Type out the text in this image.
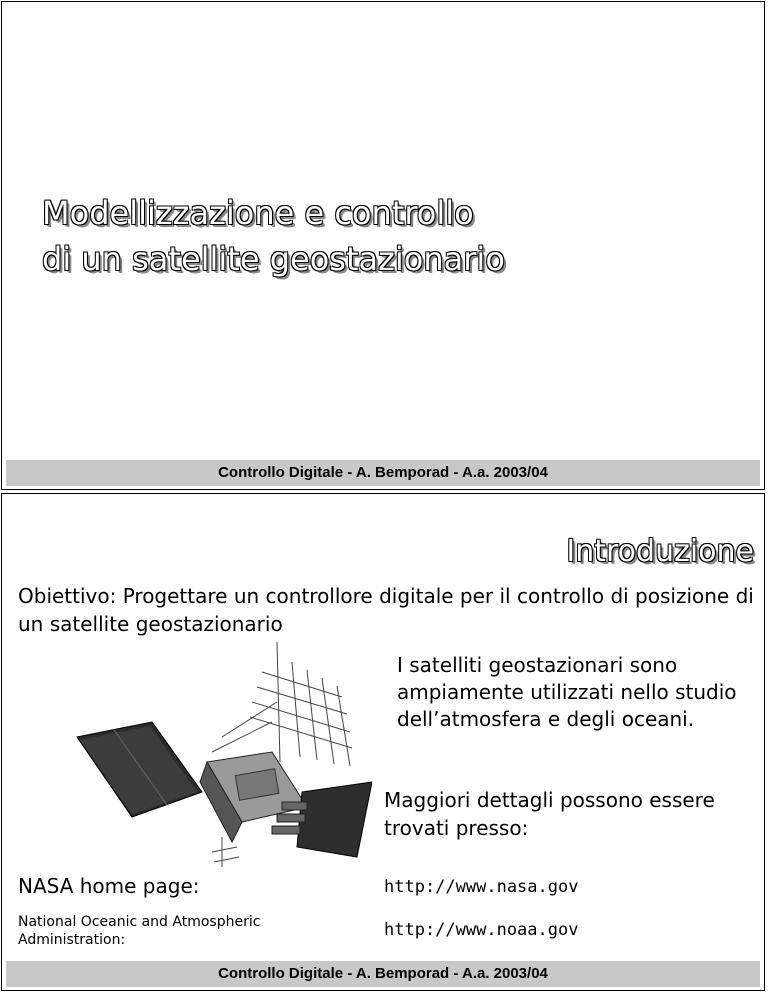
Modellizzazione e controllo
di un satellite geostazionario
Controllo Digitale - A. Bemporad - A.a. 2003/04
Introduzione
Obiettivo: Progettare un controllore digitale per il controllo di posizione di un satellite geostazionario
I satelliti geostazionari sono ampiamente utilizzati nello studio dell’atmosfera e degli oceani.
Maggiori dettagli possono essere trovati presso:
NASA home page:	http://www.nasa.gov
National Oceanic and Atmospheric Administration:	http://www.noaa.gov
Controllo Digitale - A. Bemporad - A.a. 2003/04
